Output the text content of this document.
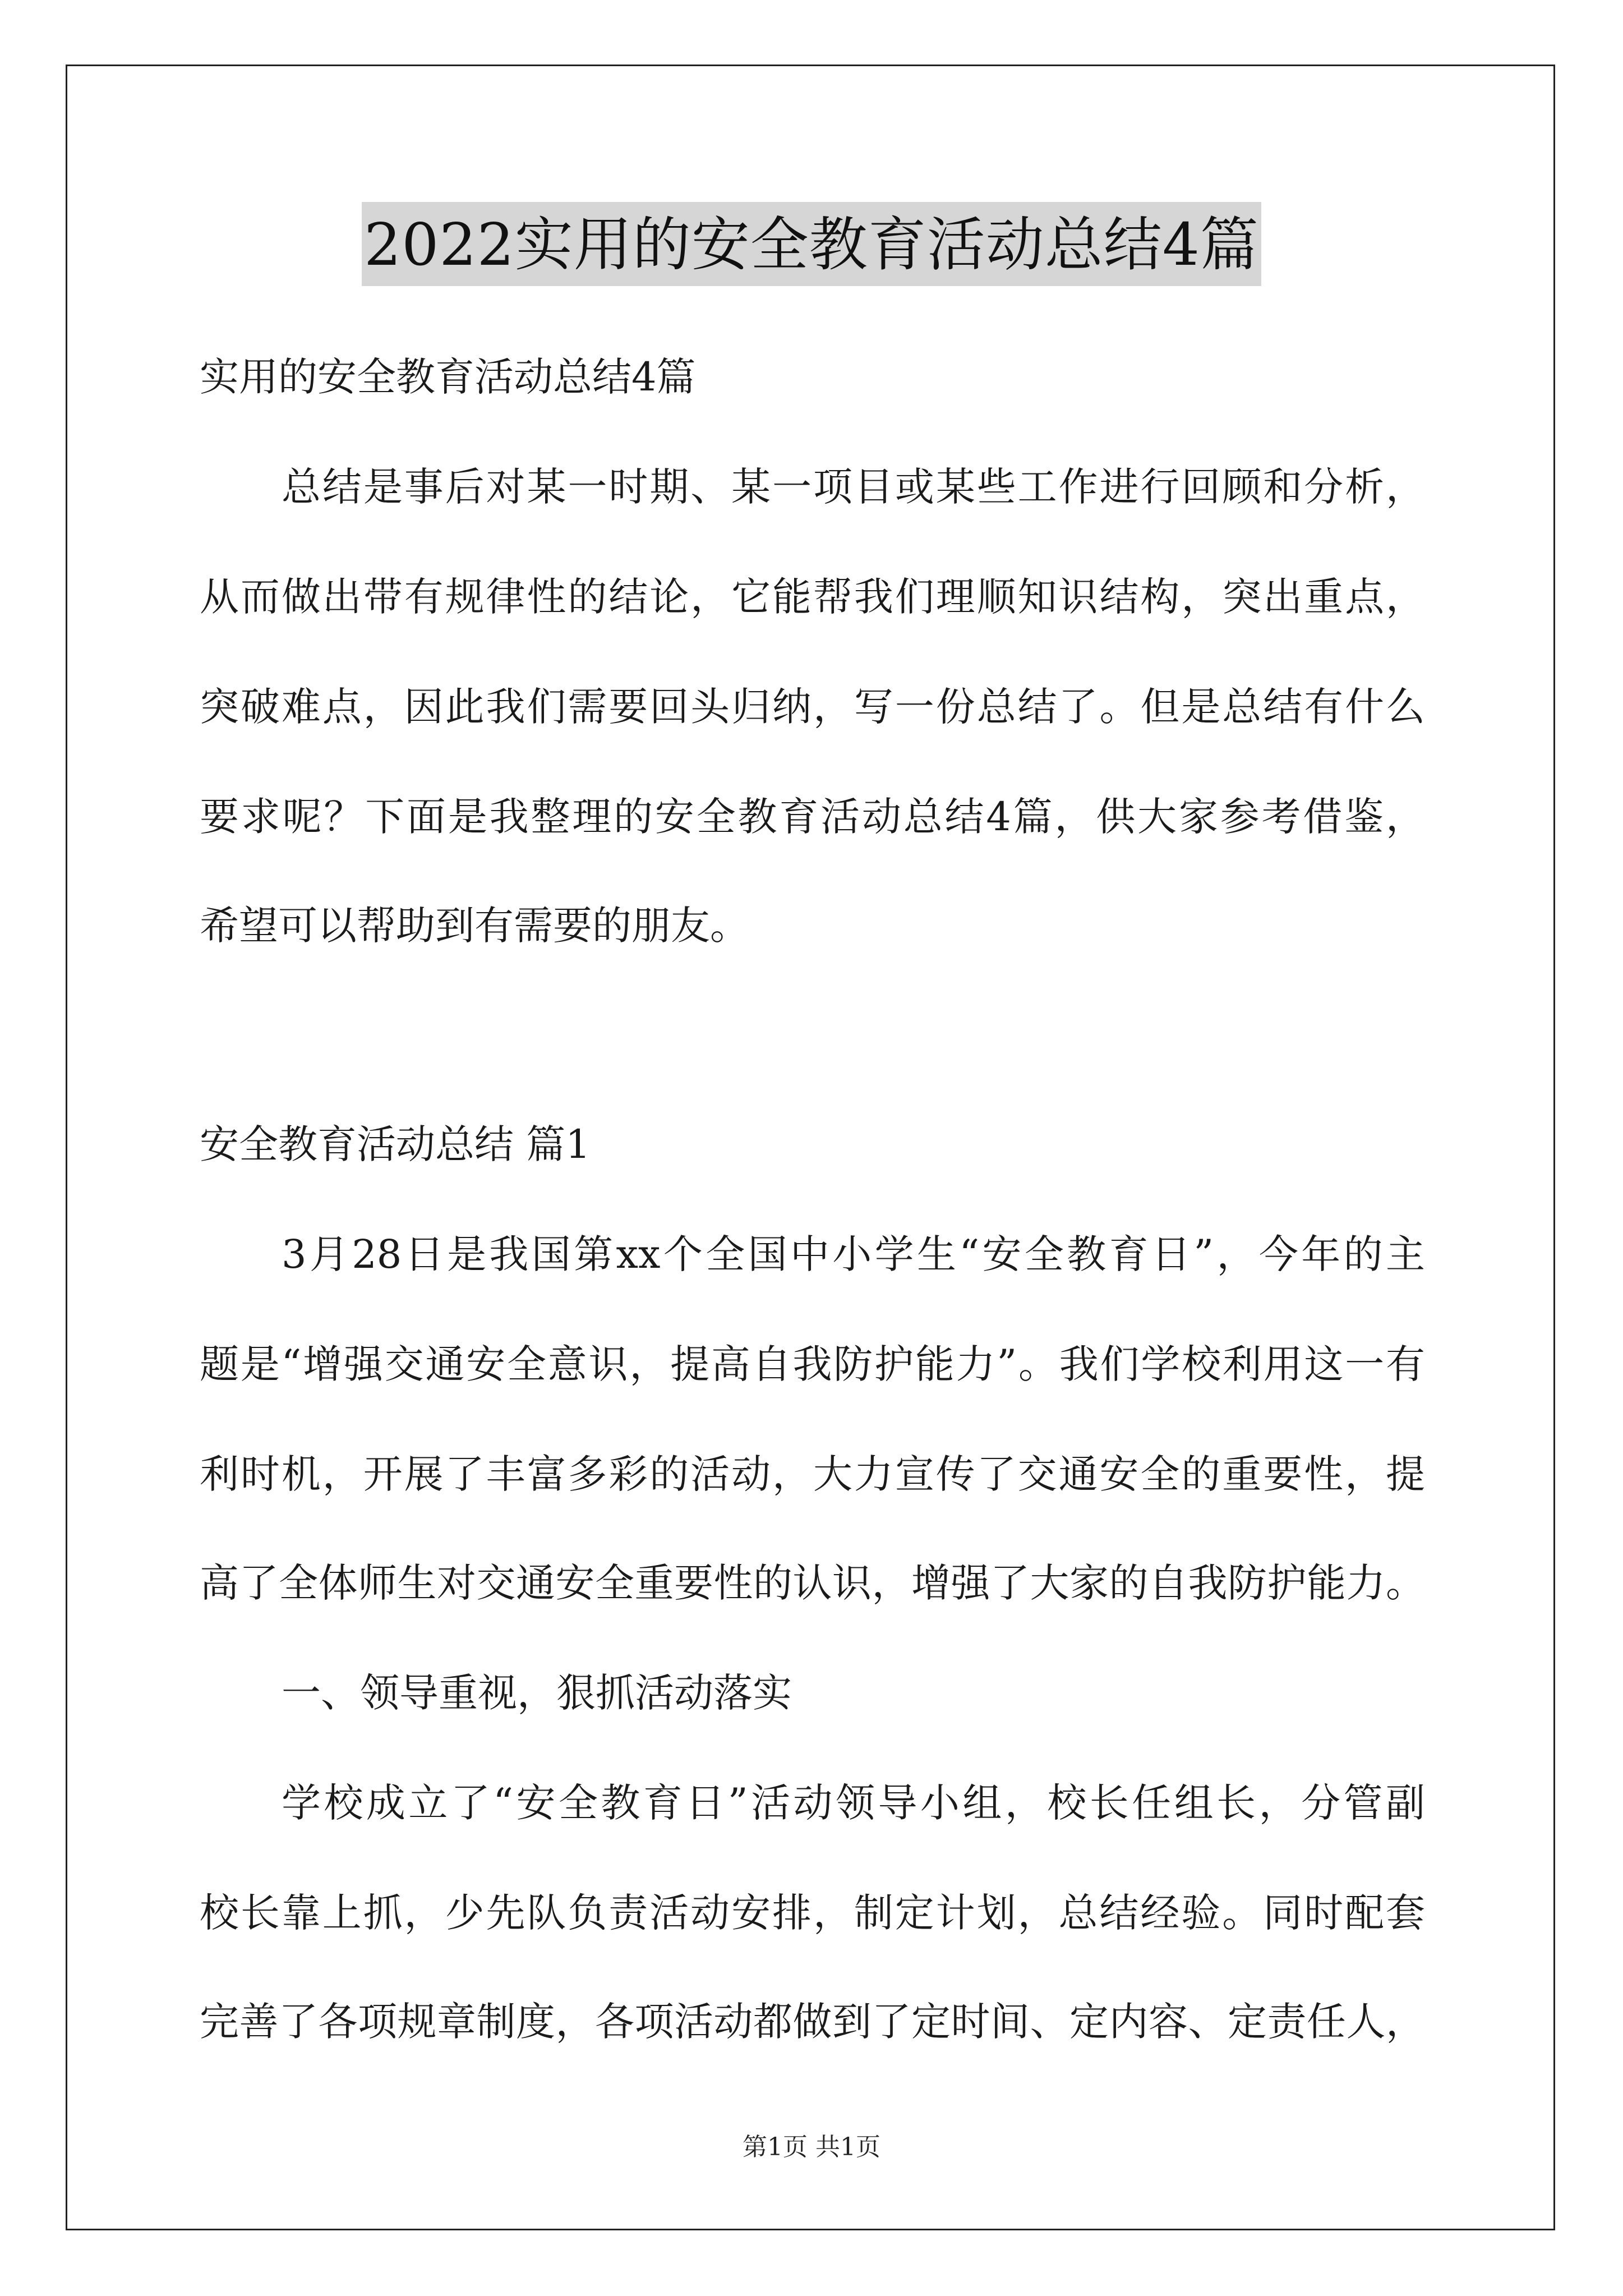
2022实用的安全教育活动总结4篇
实用的安全教育活动总结4篇
总结是事后对某一时期、某一项目或某些工作进行回顾和分析，
从而做出带有规律性的结论，它能帮我们理顺知识结构，突出重点，
突破难点，因此我们需要回头归纳，写一份总结了。但是总结有什么
要求呢？下面是我整理的安全教育活动总结4篇，供大家参考借鉴，
希望可以帮助到有需要的朋友。
安全教育活动总结 篇1
3月28日是我国第xx个全国中小学生“安全教育日”，今年的主
题是“增强交通安全意识，提高自我防护能力”。我们学校利用这一有
利时机，开展了丰富多彩的活动，大力宣传了交通安全的重要性，提
高了全体师生对交通安全重要性的认识，增强了大家的自我防护能力。
一、领导重视，狠抓活动落实
学校成立了“安全教育日”活动领导小组，校长任组长，分管副
校长靠上抓，少先队负责活动安排，制定计划，总结经验。同时配套
完善了各项规章制度，各项活动都做到了定时间、定内容、定责任人，
第1页 共1页
